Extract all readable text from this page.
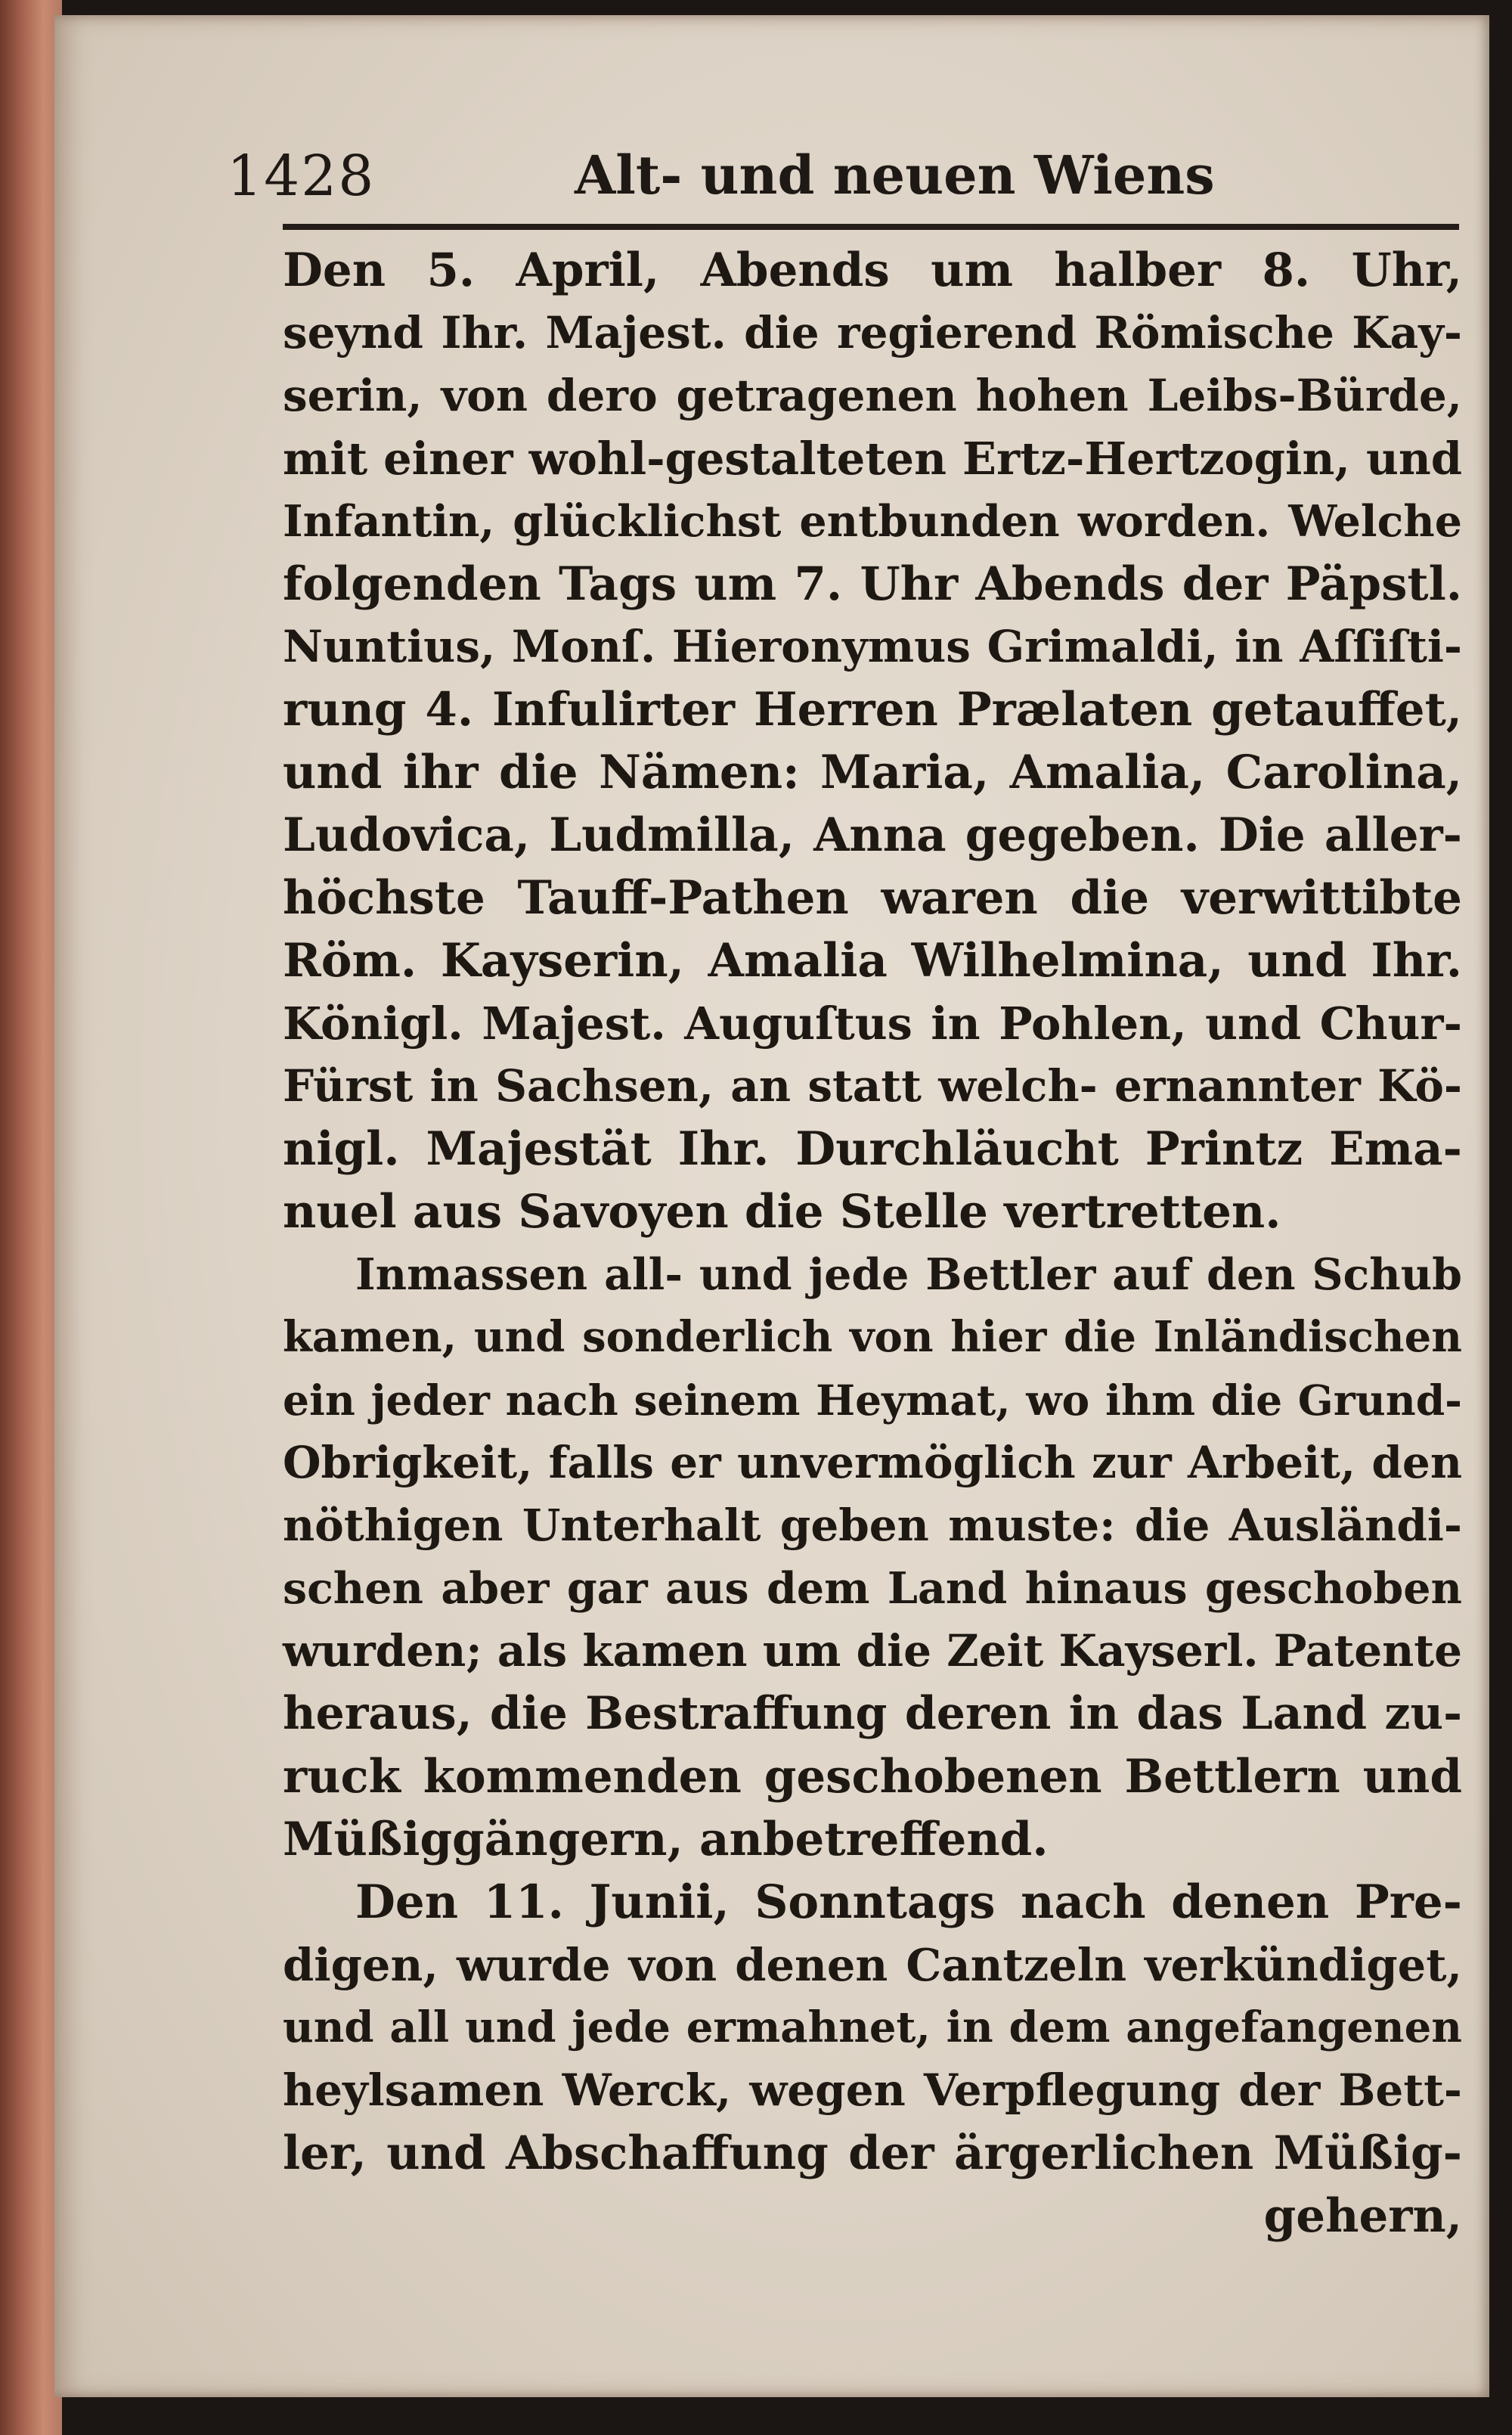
1428	Alt- und neuen Wiens
Den 5. April, Abends um halber 8. Uhr,
seynd Ihr. Majest. die regierend Römische Kay-
serin, von dero getragenen hohen Leibs-Bürde,
mit einer wohl-gestalteten Ertz-Hertzogin, und
Infantin, glücklichst entbunden worden. Welche
folgenden Tags um 7. Uhr Abends der Päpstl.
Nuntius, Monſ. Hieronymus Grimaldi, in Aſſiſti-
rung 4. Infulirter Herren Prælaten getauffet,
und ihr die Nämen: Maria, Amalia, Carolina,
Ludovica, Ludmilla, Anna gegeben. Die aller-
höchste Tauff-Pathen waren die verwittibte
Röm. Kayserin, Amalia Wilhelmina, und Ihr.
Königl. Majest. Auguſtus in Pohlen, und Chur-
Fürst in Sachsen, an statt welch- ernannter Kö-
nigl. Majestät Ihr. Durchläucht Printz Ema-
nuel aus Savoyen die Stelle vertretten.
Inmassen all- und jede Bettler auf den Schub
kamen, und sonderlich von hier die Inländischen
ein jeder nach seinem Heymat, wo ihm die Grund-
Obrigkeit, falls er unvermöglich zur Arbeit, den
nöthigen Unterhalt geben muste: die Ausländi-
schen aber gar aus dem Land hinaus geschoben
wurden; als kamen um die Zeit Kayserl. Patente
heraus, die Bestraffung deren in das Land zu-
ruck kommenden geschobenen Bettlern und
Müßiggängern, anbetreffend.
Den 11. Junii, Sonntags nach denen Pre-
digen, wurde von denen Cantzeln verkündiget,
und all und jede ermahnet, in dem angefangenen
heylsamen Werck, wegen Verpflegung der Bett-
ler, und Abschaffung der ärgerlichen Müßig-
gehern,
